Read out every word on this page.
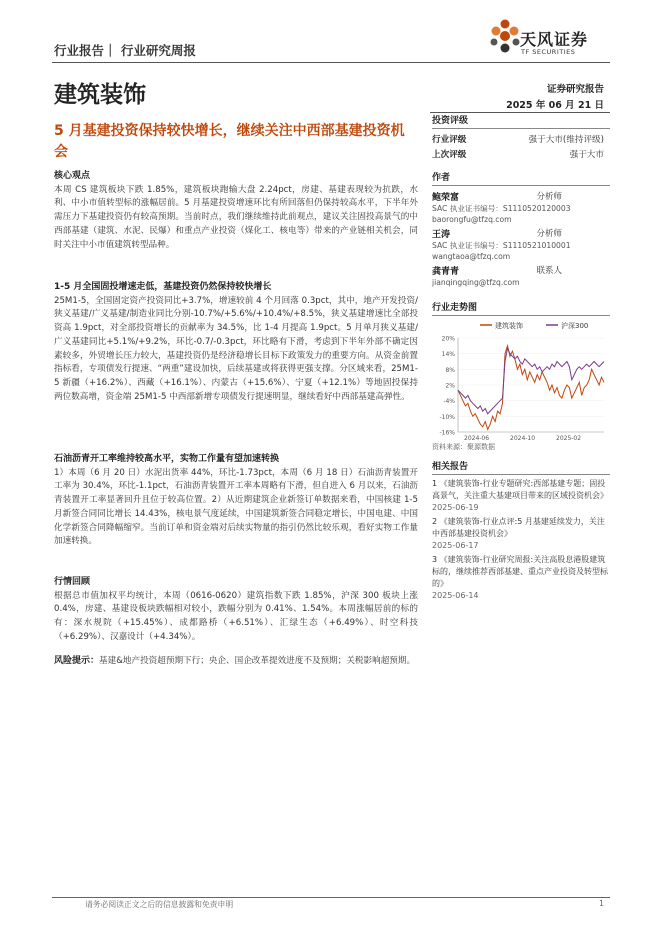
行业报告｜ 行业研究周报
天风证券
TF SECURITIES
建筑装饰	证券研究报告
2025 年 06 月 21 日
5 月基建投资保持较快增长，继续关注中西部基建投资机会
核心观点
本周 CS 建筑板块下跌 1.85%，建筑板块跑输大盘 2.24pct，房建、基建表现较为抗跌，水利、中小市值转型标的涨幅居前。5 月基建投资增速环比有所回落但仍保持较高水平，下半年外需压力下基建投资仍有较高预期。当前时点，我们继续维持此前观点，建议关注固投高景气的中西部基建（建筑、水泥、民爆）和重点产业投资（煤化工、核电等）带来的产业链相关机会，同时关注中小市值建筑转型品种。
1-5 月全国固投增速走低，基建投资仍然保持较快增长
25M1-5，全国固定资产投资同比+3.7%，增速较前 4 个月回落 0.3pct，其中，地产开发投资/狭义基建/广义基建/制造业同比分别-10.7%/+5.6%/+10.4%/+8.5%，狭义基建增速比全部投资高 1.9pct，对全部投资增长的贡献率为 34.5%，比 1-4 月提高 1.9pct。5 月单月狭义基建/广义基建同比+5.1%/+9.2%，环比-0.7/-0.3pct，环比略有下滑，考虑到下半年外部不确定因素较多，外贸增长压力较大，基建投资仍是经济稳增长目标下政策发力的重要方向。从资金前置指标看，专项债发行提速、“两重”建设加快，后续基建或将获得更强支撑。分区域来看，25M1-5 新疆（+16.2%）、西藏（+16.1%）、内蒙古（+15.6%）、宁夏（+12.1%）等地固投保持两位数高增，资金端 25M1-5 中西部新增专项债发行提速明显，继续看好中西部基建高弹性。
石油沥青开工率维持较高水平，实物工作量有望加速转换
1）本周（6 月 20 日）水泥出货率 44%，环比-1.73pct，本周（6 月 18 日）石油沥青装置开工率为 30.4%，环比-1.1pct，石油沥青装置开工率本周略有下滑，但自进入 6 月以来，石油沥青装置开工率显著回升且位于较高位置。2）从近期建筑企业新签订单数据来看，中国核建 1-5 月新签合同同比增长 14.43%，核电景气度延续，中国建筑新签合同稳定增长，中国电建、中国化学新签合同降幅缩窄。当前订单和资金端对后续实物量的指引仍然比较乐观，看好实物工作量加速转换。
行情回顾
根据总市值加权平均统计，本周（0616-0620）建筑指数下跌 1.85%，沪深 300 板块上涨 0.4%，房建、基建设板块跌幅相对较小，跌幅分别为 0.41%、1.54%。本周涨幅居前的标的有：深水规院（+15.45%）、成都路桥（+6.51%）、汇绿生态（+6.49%）、时空科技（+6.29%）、汉嘉设计（+4.34%）。
风险提示：基建&地产投资超预期下行；央企、国企改革提效进度不及预期；关税影响超预期。
投资评级
行业评级	强于大市(维持评级)
上次评级	强于大市
作者
鲍荣富	分析师
SAC 执业证书编号：S1110520120003
baorongfu@tfzq.com
王涛	分析师
SAC 执业证书编号：S1110521010001
wangtaoa@tfzq.com
龚青青	联系人
jianqingqing@tfzq.com
行业走势图
建筑装饰	沪深300
20%
14%
8%
2%
-4%
-10%
-16%
2024-06	2024-10	2025-02
资料来源：聚源数据
相关报告
1 《建筑装饰-行业专题研究:西部基建专题；固投高景气，关注重大基建项目带来的区域投资机会》 2025-06-19
2 《建筑装饰-行业点评:5 月基建延续发力，关注中西部基建投资机会》
2025-06-17
3 《建筑装饰-行业研究周报:关注高股息港股建筑标的，继续推荐西部基建、重点产业投资及转型标的》
2025-06-14
请务必阅读正文之后的信息披露和免责申明	1
